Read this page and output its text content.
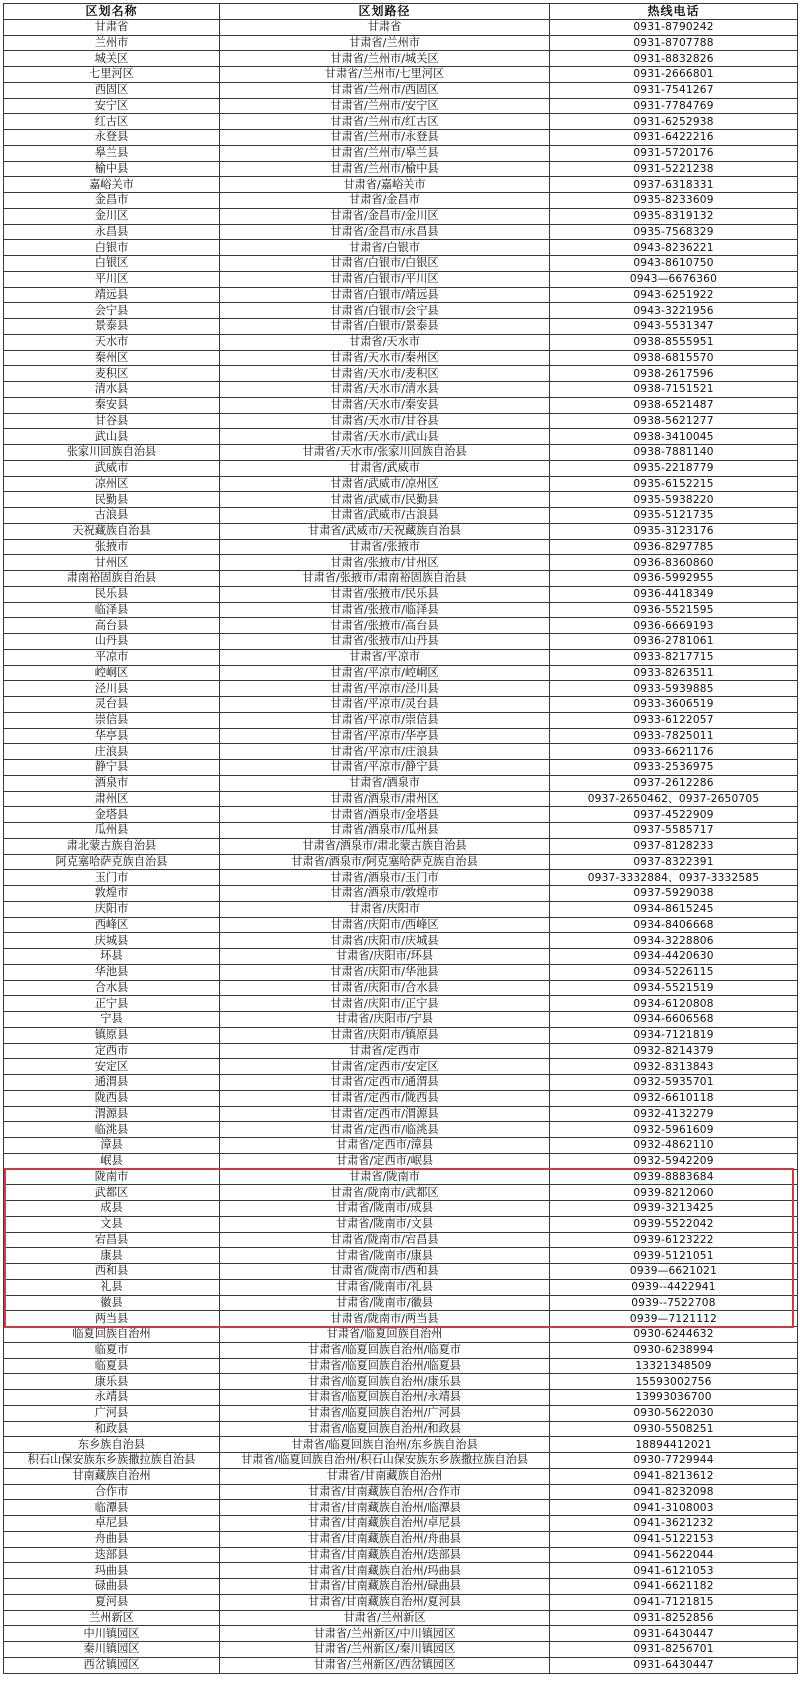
区划名称	区划路径	热线电话
甘肃省	甘肃省	0931-8790242
兰州市	甘肃省/兰州市	0931-8707788
城关区	甘肃省/兰州市/城关区	0931-8832826
七里河区	甘肃省/兰州市/七里河区	0931-2666801
西固区	甘肃省/兰州市/西固区	0931-7541267
安宁区	甘肃省/兰州市/安宁区	0931-7784769
红古区	甘肃省/兰州市/红古区	0931-6252938
永登县	甘肃省/兰州市/永登县	0931-6422216
皋兰县	甘肃省/兰州市/皋兰县	0931-5720176
榆中县	甘肃省/兰州市/榆中县	0931-5221238
嘉峪关市	甘肃省/嘉峪关市	0937-6318331
金昌市	甘肃省/金昌市	0935-8233609
金川区	甘肃省/金昌市/金川区	0935-8319132
永昌县	甘肃省/金昌市/永昌县	0935-7568329
白银市	甘肃省/白银市	0943-8236221
白银区	甘肃省/白银市/白银区	0943-8610750
平川区	甘肃省/白银市/平川区	0943—6676360
靖远县	甘肃省/白银市/靖远县	0943-6251922
会宁县	甘肃省/白银市/会宁县	0943-3221956
景泰县	甘肃省/白银市/景泰县	0943-5531347
天水市	甘肃省/天水市	0938-8555951
秦州区	甘肃省/天水市/秦州区	0938-6815570
麦积区	甘肃省/天水市/麦积区	0938-2617596
清水县	甘肃省/天水市/清水县	0938-7151521
秦安县	甘肃省/天水市/秦安县	0938-6521487
甘谷县	甘肃省/天水市/甘谷县	0938-5621277
武山县	甘肃省/天水市/武山县	0938-3410045
张家川回族自治县	甘肃省/天水市/张家川回族自治县	0938-7881140
武威市	甘肃省/武威市	0935-2218779
凉州区	甘肃省/武威市/凉州区	0935-6152215
民勤县	甘肃省/武威市/民勤县	0935-5938220
古浪县	甘肃省/武威市/古浪县	0935-5121735
天祝藏族自治县	甘肃省/武威市/天祝藏族自治县	0935-3123176
张掖市	甘肃省/张掖市	0936-8297785
甘州区	甘肃省/张掖市/甘州区	0936-8360860
肃南裕固族自治县	甘肃省/张掖市/肃南裕固族自治县	0936-5992955
民乐县	甘肃省/张掖市/民乐县	0936-4418349
临泽县	甘肃省/张掖市/临泽县	0936-5521595
高台县	甘肃省/张掖市/高台县	0936-6669193
山丹县	甘肃省/张掖市/山丹县	0936-2781061
平凉市	甘肃省/平凉市	0933-8217715
崆峒区	甘肃省/平凉市/崆峒区	0933-8263511
泾川县	甘肃省/平凉市/泾川县	0933-5939885
灵台县	甘肃省/平凉市/灵台县	0933-3606519
崇信县	甘肃省/平凉市/崇信县	0933-6122057
华亭县	甘肃省/平凉市/华亭县	0933-7825011
庄浪县	甘肃省/平凉市/庄浪县	0933-6621176
静宁县	甘肃省/平凉市/静宁县	0933-2536975
酒泉市	甘肃省/酒泉市	0937-2612286
肃州区	甘肃省/酒泉市/肃州区	0937-2650462、0937-2650705
金塔县	甘肃省/酒泉市/金塔县	0937-4522909
瓜州县	甘肃省/酒泉市/瓜州县	0937-5585717
肃北蒙古族自治县	甘肃省/酒泉市/肃北蒙古族自治县	0937-8128233
阿克塞哈萨克族自治县	甘肃省/酒泉市/阿克塞哈萨克族自治县	0937-8322391
玉门市	甘肃省/酒泉市/玉门市	0937-3332884、0937-3332585
敦煌市	甘肃省/酒泉市/敦煌市	0937-5929038
庆阳市	甘肃省/庆阳市	0934-8615245
西峰区	甘肃省/庆阳市/西峰区	0934-8406668
庆城县	甘肃省/庆阳市/庆城县	0934-3228806
环县	甘肃省/庆阳市/环县	0934-4420630
华池县	甘肃省/庆阳市/华池县	0934-5226115
合水县	甘肃省/庆阳市/合水县	0934-5521519
正宁县	甘肃省/庆阳市/正宁县	0934-6120808
宁县	甘肃省/庆阳市/宁县	0934-6606568
镇原县	甘肃省/庆阳市/镇原县	0934-7121819
定西市	甘肃省/定西市	0932-8214379
安定区	甘肃省/定西市/安定区	0932-8313843
通渭县	甘肃省/定西市/通渭县	0932-5935701
陇西县	甘肃省/定西市/陇西县	0932-6610118
渭源县	甘肃省/定西市/渭源县	0932-4132279
临洮县	甘肃省/定西市/临洮县	0932-5961609
漳县	甘肃省/定西市/漳县	0932-4862110
岷县	甘肃省/定西市/岷县	0932-5942209
陇南市	甘肃省/陇南市	0939-8883684
武都区	甘肃省/陇南市/武都区	0939-8212060
成县	甘肃省/陇南市/成县	0939-3213425
文县	甘肃省/陇南市/文县	0939-5522042
宕昌县	甘肃省/陇南市/宕昌县	0939-6123222
康县	甘肃省/陇南市/康县	0939-5121051
西和县	甘肃省/陇南市/西和县	0939—6621021
礼县	甘肃省/陇南市/礼县	0939--4422941
徽县	甘肃省/陇南市/徽县	0939--7522708
两当县	甘肃省/陇南市/两当县	0939—7121112
临夏回族自治州	甘肃省/临夏回族自治州	0930-6244632
临夏市	甘肃省/临夏回族自治州/临夏市	0930-6238994
临夏县	甘肃省/临夏回族自治州/临夏县	13321348509
康乐县	甘肃省/临夏回族自治州/康乐县	15593002756
永靖县	甘肃省/临夏回族自治州/永靖县	13993036700
广河县	甘肃省/临夏回族自治州/广河县	0930-5622030
和政县	甘肃省/临夏回族自治州/和政县	0930-5508251
东乡族自治县	甘肃省/临夏回族自治州/东乡族自治县	18894412021
积石山保安族东乡族撒拉族自治县	甘肃省/临夏回族自治州/积石山保安族东乡族撒拉族自治县	0930-7729944
甘南藏族自治州	甘肃省/甘南藏族自治州	0941-8213612
合作市	甘肃省/甘南藏族自治州/合作市	0941-8232098
临潭县	甘肃省/甘南藏族自治州/临潭县	0941-3108003
卓尼县	甘肃省/甘南藏族自治州/卓尼县	0941-3621232
舟曲县	甘肃省/甘南藏族自治州/舟曲县	0941-5122153
迭部县	甘肃省/甘南藏族自治州/迭部县	0941-5622044
玛曲县	甘肃省/甘南藏族自治州/玛曲县	0941-6121053
碌曲县	甘肃省/甘南藏族自治州/碌曲县	0941-6621182
夏河县	甘肃省/甘南藏族自治州/夏河县	0941-7121815
兰州新区	甘肃省/兰州新区	0931-8252856
中川镇园区	甘肃省/兰州新区/中川镇园区	0931-6430447
秦川镇园区	甘肃省/兰州新区/秦川镇园区	0931-8256701
西岔镇园区	甘肃省/兰州新区/西岔镇园区	0931-6430447
